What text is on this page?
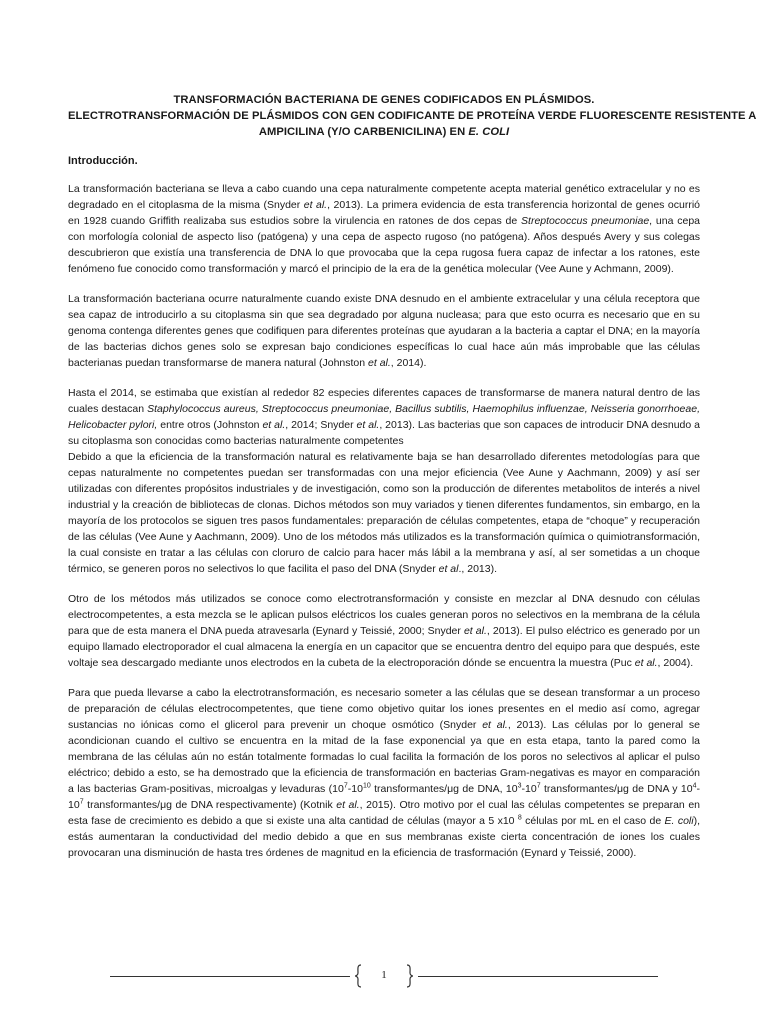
TRANSFORMACIÓN BACTERIANA DE GENES CODIFICADOS EN PLÁSMIDOS.
ELECTROTRANSFORMACIÓN DE PLÁSMIDOS CON GEN CODIFICANTE DE PROTEÍNA VERDE FLUORESCENTE RESISTENTE A
AMPICILINA (Y/O CARBENICILINA) EN E. COLI
Introducción.

La transformación bacteriana se lleva a cabo cuando una cepa naturalmente competente acepta material genético extracelular y no es degradado en el citoplasma de la misma (Snyder et al., 2013). La primera evidencia de esta transferencia horizontal de genes ocurrió en 1928 cuando Griffith realizaba sus estudios sobre la virulencia en ratones de dos cepas de Streptococcus pneumoniae, una cepa con morfología colonial de aspecto liso (patógena) y una cepa de aspecto rugoso (no patógena). Años después Avery y sus colegas descubrieron que existía una transferencia de DNA lo que provocaba que la cepa rugosa fuera capaz de infectar a los ratones, este fenómeno fue conocido como transformación y marcó el principio de la era de la genética molecular (Vee Aune y Achmann, 2009).

La transformación bacteriana ocurre naturalmente cuando existe DNA desnudo en el ambiente extracelular y una célula receptora que sea capaz de introducirlo a su citoplasma sin que sea degradado por alguna nucleasa; para que esto ocurra es necesario que en su genoma contenga diferentes genes que codifiquen para diferentes proteínas que ayudaran a la bacteria a captar el DNA; en la mayoría de las bacterias dichos genes solo se expresan bajo condiciones específicas lo cual hace aún más improbable que las células bacterianas puedan transformarse de manera natural (Johnston et al., 2014).

Hasta el 2014, se estimaba que existían al rededor 82 especies diferentes capaces de transformarse de manera natural dentro de las cuales destacan Staphylococcus aureus, Streptococcus pneumoniae, Bacillus subtilis, Haemophilus influenzae, Neisseria gonorrhoeae, Helicobacter pylori, entre otros (Johnston et al., 2014; Snyder et al., 2013). Las bacterias que son capaces de introducir DNA desnudo a su citoplasma son conocidas como bacterias naturalmente competentes

Debido a que la eficiencia de la transformación natural es relativamente baja se han desarrollado diferentes metodologías para que cepas naturalmente no competentes puedan ser transformadas con una mejor eficiencia (Vee Aune y Aachmann, 2009) y así ser utilizadas con diferentes propósitos industriales y de investigación, como son la producción de diferentes metabolitos de interés a nivel industrial y la creación de bibliotecas de clonas. Dichos métodos son muy variados y tienen diferentes fundamentos, sin embargo, en la mayoría de los protocolos se siguen tres pasos fundamentales: preparación de células competentes, etapa de “choque” y recuperación de las células (Vee Aune y Aachmann, 2009). Uno de los métodos más utilizados es la transformación química o quimiotransformación, la cual consiste en tratar a las células con cloruro de calcio para hacer más lábil a la membrana y así, al ser sometidas a un choque térmico, se generen poros no selectivos lo que facilita el paso del DNA (Snyder et al., 2013).

Otro de los métodos más utilizados se conoce como electrotransformación y consiste en mezclar al DNA desnudo con células electrocompetentes, a esta mezcla se le aplican pulsos eléctricos los cuales generan poros no selectivos en la membrana de la célula para que de esta manera el DNA pueda atravesarla (Eynard y Teissié, 2000; Snyder et al., 2013). El pulso eléctrico es generado por un equipo llamado electroporador el cual almacena la energía en un capacitor que se encuentra dentro del equipo para que después, este voltaje sea descargado mediante unos electrodos en la cubeta de la electroporación dónde se encuentra la muestra (Puc et al., 2004).

Para que pueda llevarse a cabo la electrotransformación, es necesario someter a las células que se desean transformar a un proceso de preparación de células electrocompetentes, que tiene como objetivo quitar los iones presentes en el medio así como, agregar sustancias no iónicas como el glicerol para prevenir un choque osmótico (Snyder et al., 2013). Las células por lo general se acondicionan cuando el cultivo se encuentra en la mitad de la fase exponencial ya que en esta etapa, tanto la pared como la membrana de las células aún no están totalmente formadas lo cual facilita la formación de los poros no selectivos al aplicar el pulso eléctrico; debido a esto, se ha demostrado que la eficiencia de transformación en bacterias Gram-negativas es mayor en comparación a las bacterias Gram-positivas, microalgas y levaduras ($10^7-10^{10}$ transformantes/μg de DNA, $10^3-10^7$ transformantes/μg de DNA y $10^4-10^7$ transformantes/μg de DNA respectivamente) (Kotnik et al., 2015). Otro motivo por el cual las células competentes se preparan en esta fase de crecimiento es debido a que si existe una alta cantidad de células (mayor a 5 x10 $^8$ células por mL en el caso de E. coli), estás aumentaran la conductividad del medio debido a que en sus membranas existe cierta concentración de iones los cuales provocaran una disminución de hasta tres órdenes de magnitud en la eficiencia de trasformación (Eynard y Teissié, 2000).

1
